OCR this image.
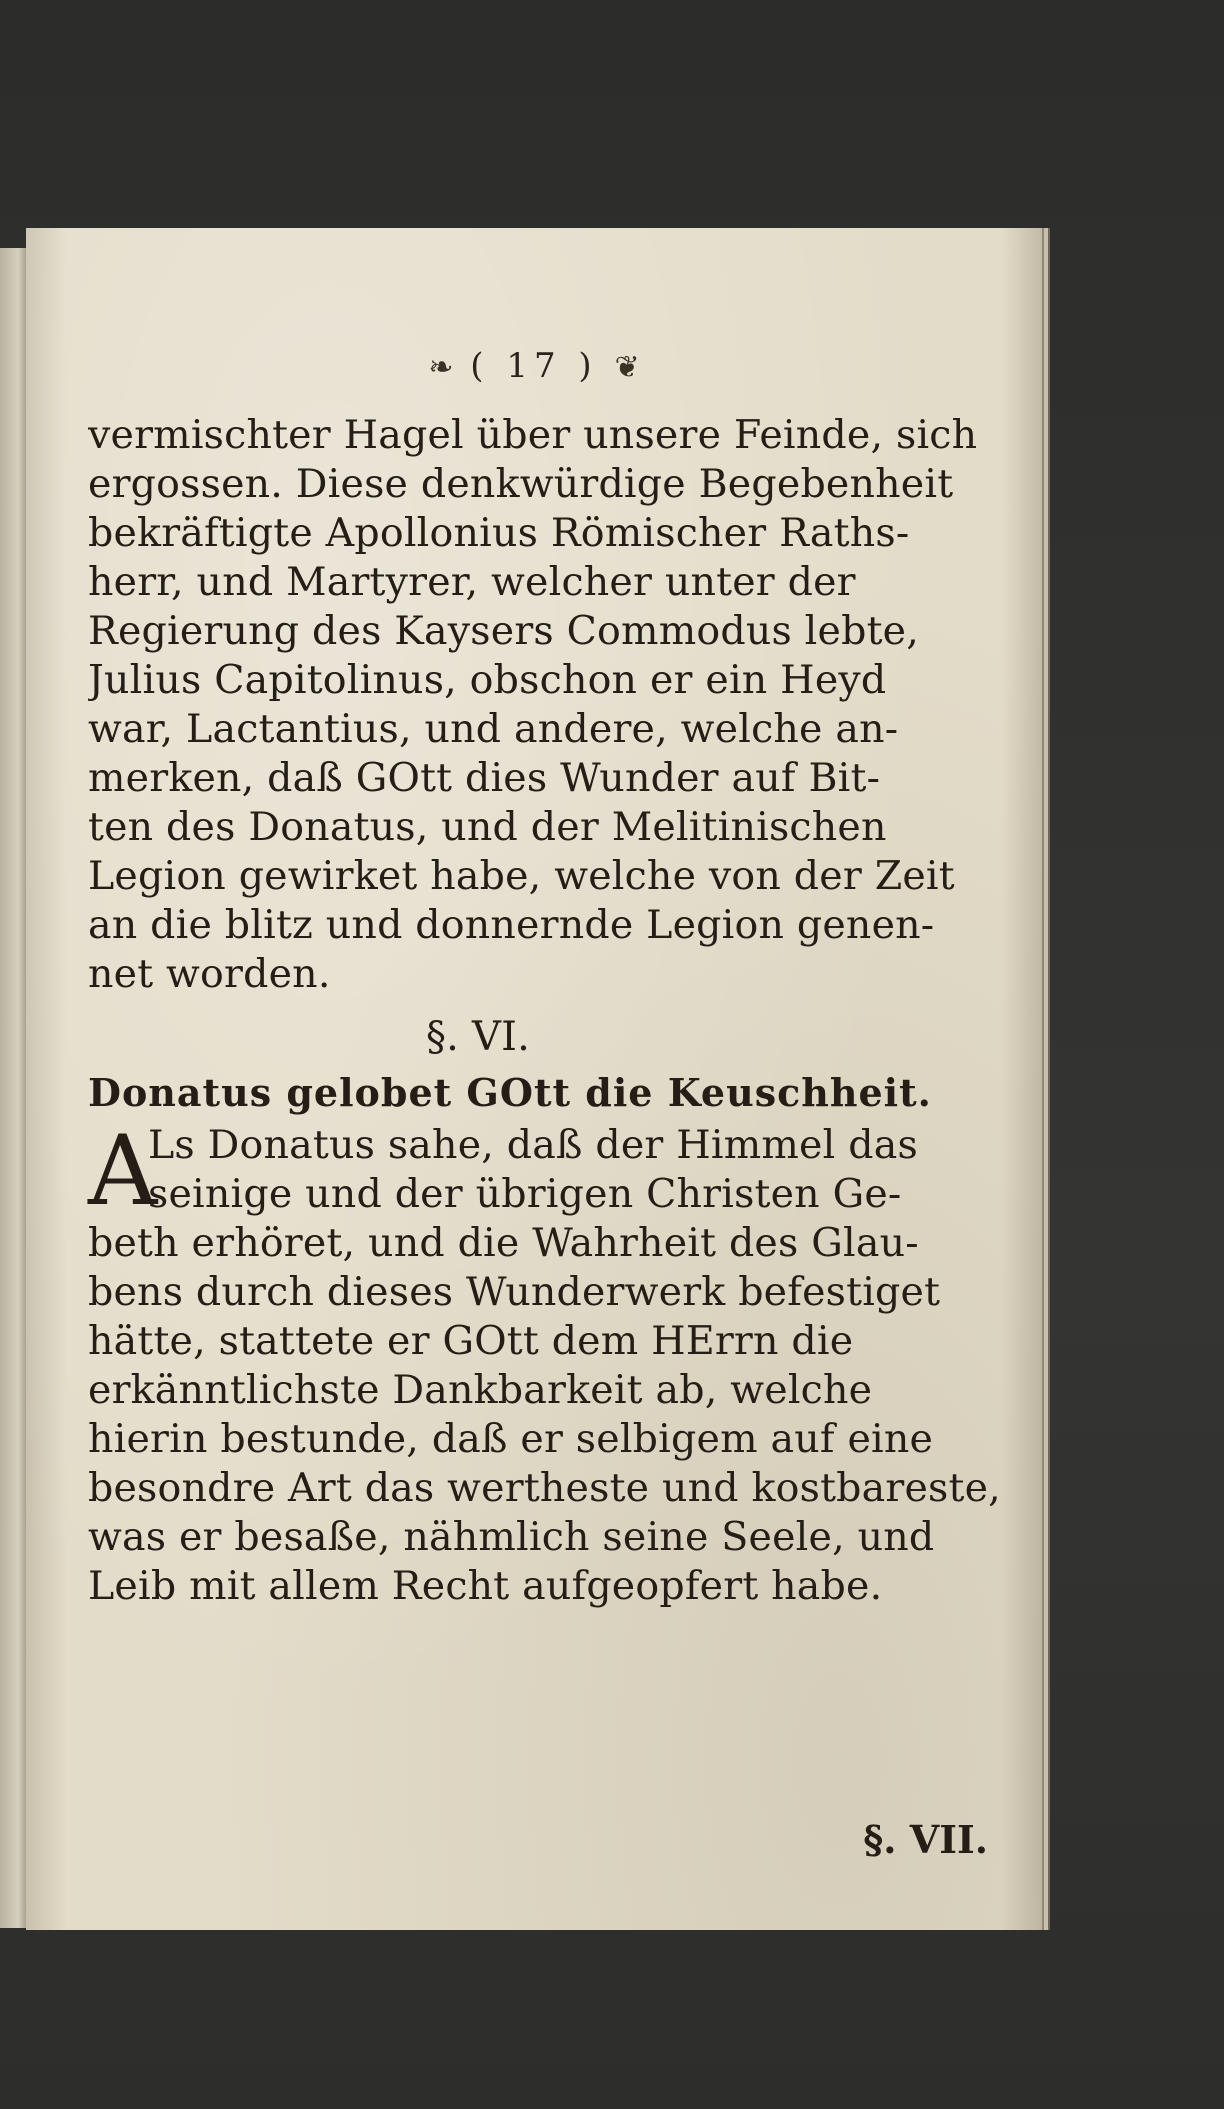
❧ ( 17 ) ❦
vermischter Hagel über unsere Feinde, sich
ergossen. Diese denkwürdige Begebenheit
bekräftigte Apollonius Römischer Raths-
herr, und Martyrer, welcher unter der
Regierung des Kaysers Commodus lebte,
Julius Capitolinus, obschon er ein Heyd
war, Lactantius, und andere, welche an-
merken, daß GOtt dies Wunder auf Bit-
ten des Donatus, und der Melitinischen
Legion gewirket habe, welche von der Zeit
an die blitz und donnernde Legion genen-
net worden.
§. VI.
Donatus gelobet GOtt die Keuschheit.
A
Ls Donatus sahe, daß der Himmel das
seinige und der übrigen Christen Ge-
beth erhöret, und die Wahrheit des Glau-
bens durch dieses Wunderwerk befestiget
hätte, stattete er GOtt dem HErrn die
erkänntlichste Dankbarkeit ab, welche
hierin bestunde, daß er selbigem auf eine
besondre Art das wertheste und kostbareste,
was er besaße, nähmlich seine Seele, und
Leib mit allem Recht aufgeopfert habe.
§. VII.
